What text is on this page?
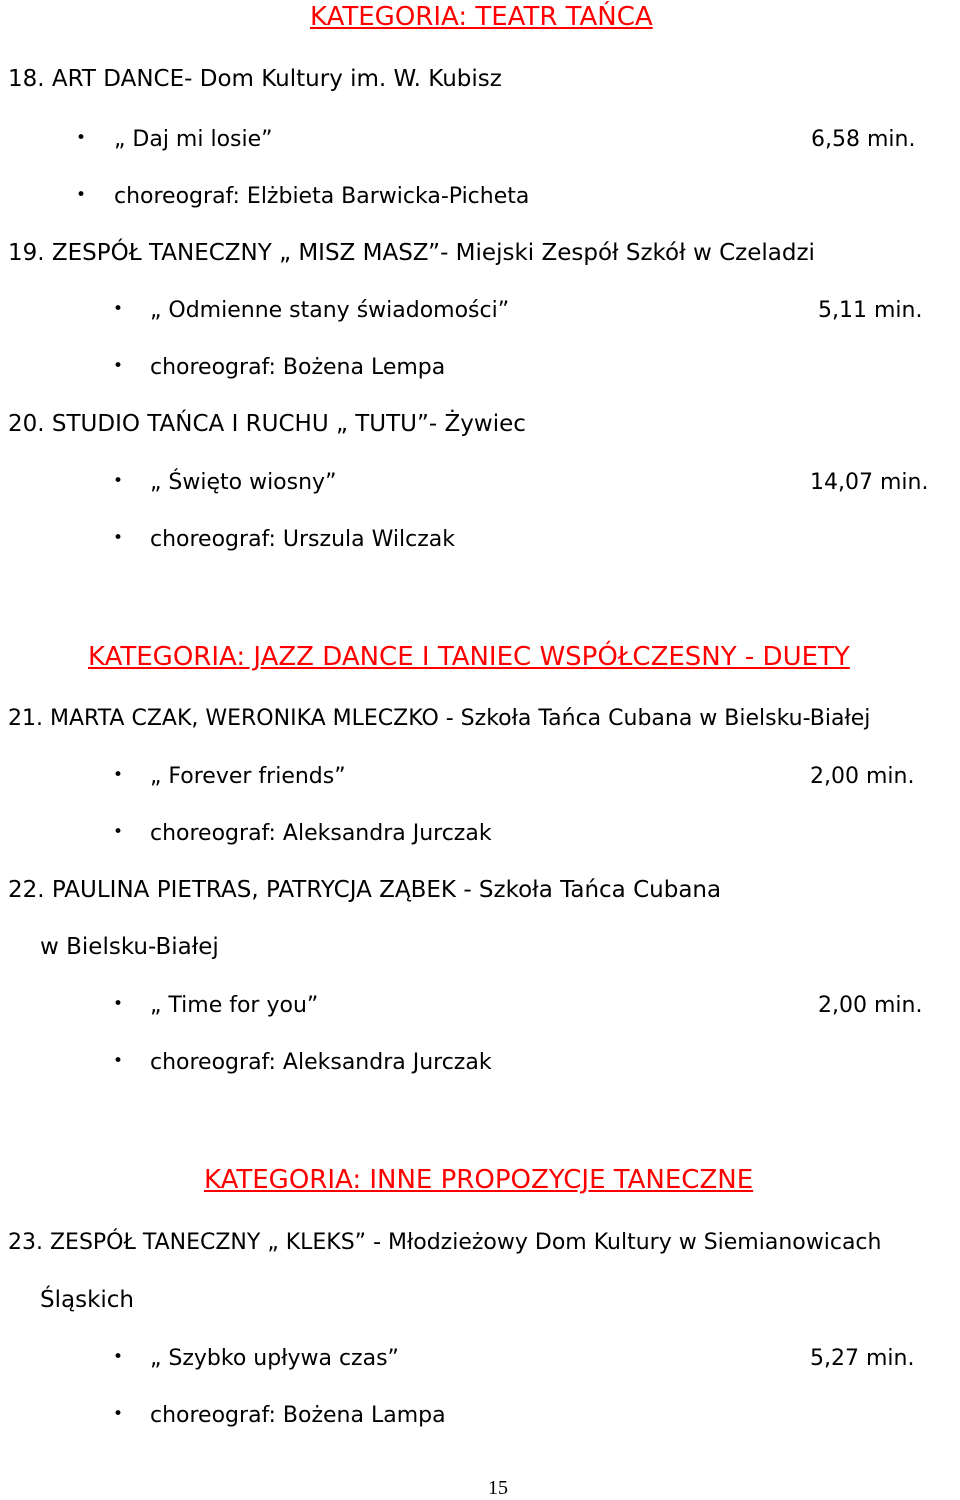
KATEGORIA: TEATR TAŃCA
18. ART DANCE- Dom Kultury im. W. Kubisz
• „ Daj mi losie”	6,58 min.
• choreograf: Elżbieta Barwicka-Picheta
19. ZESPÓŁ TANECZNY „ MISZ MASZ”- Miejski Zespół Szkół w Czeladzi
• „ Odmienne stany świadomości”	5,11 min.
• choreograf: Bożena Lempa
20. STUDIO TAŃCA I RUCHU „ TUTU”- Żywiec
• „ Święto wiosny”	14,07 min.
• choreograf: Urszula Wilczak
KATEGORIA: JAZZ DANCE I TANIEC WSPÓŁCZESNY - DUETY
21. MARTA CZAK, WERONIKA MLECZKO - Szkoła Tańca Cubana w Bielsku-Białej
• „ Forever friends”	2,00 min.
• choreograf: Aleksandra Jurczak
22. PAULINA PIETRAS, PATRYCJA ZĄBEK - Szkoła Tańca Cubana
w Bielsku-Białej
• „ Time for you”	2,00 min.
• choreograf: Aleksandra Jurczak
KATEGORIA: INNE PROPOZYCJE TANECZNE
23. ZESPÓŁ TANECZNY „ KLEKS” - Młodzieżowy Dom Kultury w Siemianowicach
Śląskich
• „ Szybko upływa czas”	5,27 min.
• choreograf: Bożena Lampa
15
